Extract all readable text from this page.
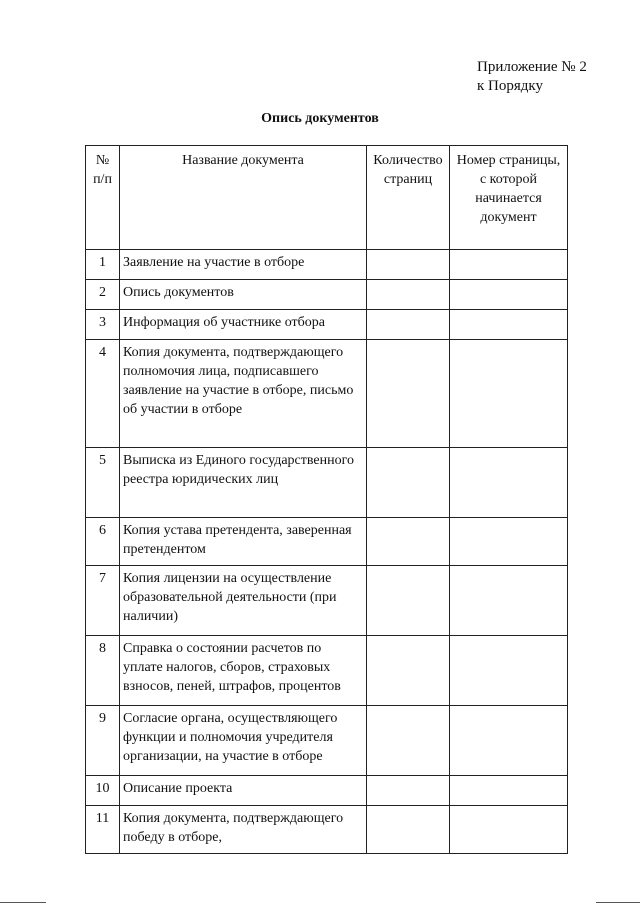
Приложение № 2
к Порядку
Опись документов
№ п/п	Название документа	Количество страниц	Номер страницы, с которой начинается документ
1	Заявление на участие в отборе		
2	Опись документов		
3	Информация об участнике отбора		
4	Копия документа, подтверждающего полномочия лица, подписавшего заявление на участие в отборе, письмо об участии в отборе		
5	Выписка из Единого государственного реестра юридических лиц		
6	Копия устава претендента, заверенная претендентом		
7	Копия лицензии на осуществление образовательной деятельности (при наличии)		
8	Справка о состоянии расчетов по уплате налогов, сборов, страховых взносов, пеней, штрафов, процентов		
9	Согласие органа, осуществляющего функции и полномочия учредителя организации, на участие в отборе		
10	Описание проекта		
11	Копия документа, подтверждающего победу в отборе,		
